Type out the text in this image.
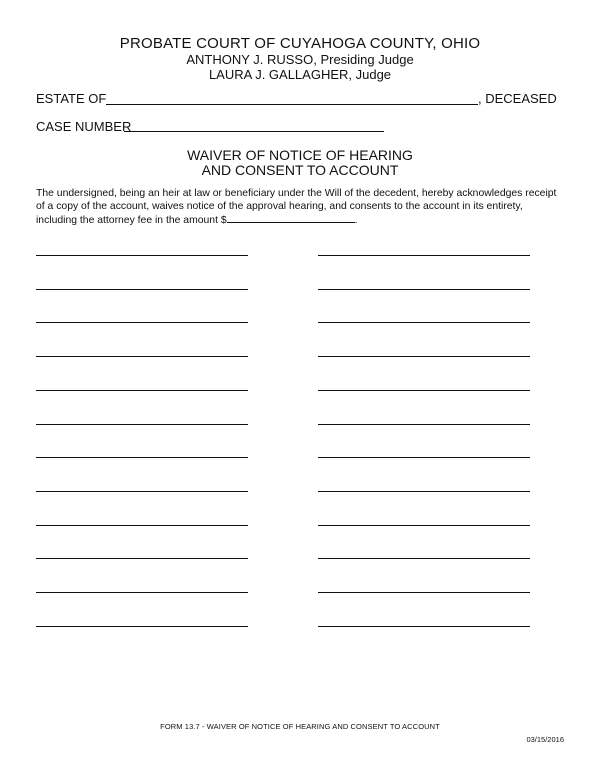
PROBATE COURT OF CUYAHOGA COUNTY, OHIO
ANTHONY J. RUSSO, Presiding Judge
LAURA J. GALLAGHER, Judge
ESTATE OF	, DECEASED
CASE NUMBER
WAIVER OF NOTICE OF HEARING
AND CONSENT TO ACCOUNT
The undersigned, being an heir at law or beneficiary under the Will of the decedent, hereby acknowledges receipt of a copy of the account, waives notice of the approval hearing, and consents to the account in its entirety, including the attorney fee in the amount $	.
FORM 13.7 - WAIVER OF NOTICE OF HEARING AND CONSENT TO ACCOUNT
03/15/2016
